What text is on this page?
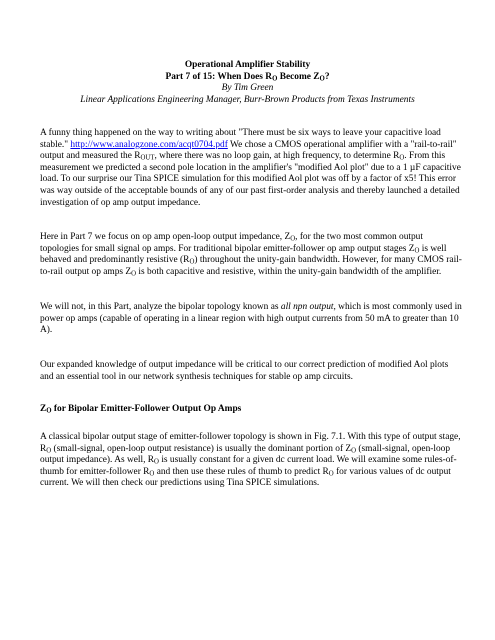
Operational Amplifier Stability
Part 7 of 15: When Does $R_O$ Become $Z_O$?
By Tim Green
Linear Applications Engineering Manager, Burr-Brown Products from Texas Instruments

A funny thing happened on the way to writing about "There must be six ways to leave your capacitive load stable." http://www.analogzone.com/acqt0704.pdf We chose a CMOS operational amplifier with a "rail-to-rail" output and measured the $R_{OUT}$, where there was no loop gain, at high frequency, to determine $R_O$. From this measurement we predicted a second pole location in the amplifier's "modified Aol plot" due to a 1 µF capacitive load. To our surprise our Tina SPICE simulation for this modified Aol plot was off by a factor of x5! This error was way outside of the acceptable bounds of any of our past first-order analysis and thereby launched a detailed investigation of op amp output impedance.

Here in Part 7 we focus on op amp open-loop output impedance, $Z_O$, for the two most common output topologies for small signal op amps. For traditional bipolar emitter-follower op amp output stages $Z_O$ is well behaved and predominantly resistive $(R_O)$ throughout the unity-gain bandwidth. However, for many CMOS rail-to-rail output op amps $Z_O$ is both capacitive and resistive, within the unity-gain bandwidth of the amplifier.

We will not, in this Part, analyze the bipolar topology known as all npn output, which is most commonly used in power op amps (capable of operating in a linear region with high output currents from 50 mA to greater than 10 A).

Our expanded knowledge of output impedance will be critical to our correct prediction of modified Aol plots and an essential tool in our network synthesis techniques for stable op amp circuits.

$Z_O$ for Bipolar Emitter-Follower Output Op Amps

A classical bipolar output stage of emitter-follower topology is shown in Fig. 7.1. With this type of output stage, $R_O$ (small-signal, open-loop output resistance) is usually the dominant portion of $Z_O$ (small-signal, open-loop output impedance). As well, $R_O$ is usually constant for a given dc current load. We will examine some rules-of-thumb for emitter-follower $R_O$ and then use these rules of thumb to predict $R_O$ for various values of dc output current. We will then check our predictions using Tina SPICE simulations.
